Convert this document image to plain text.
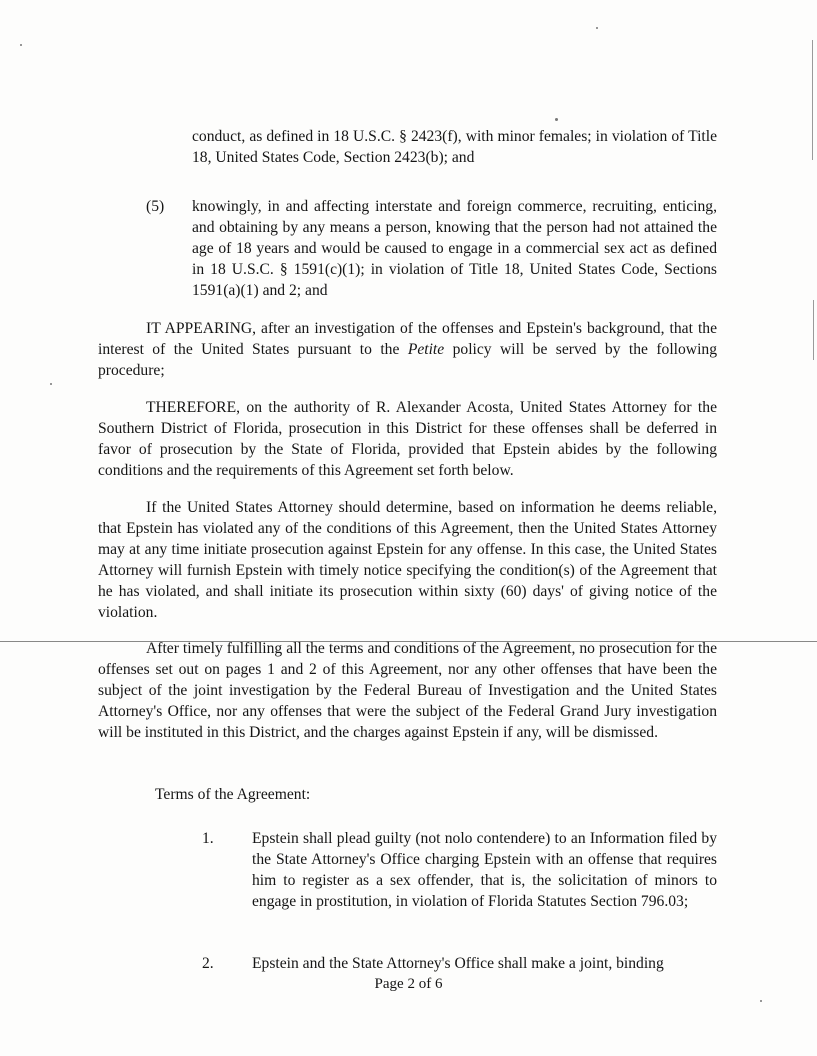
conduct, as defined in 18 U.S.C. § 2423(f), with minor females; in violation of Title 18, United States Code, Section 2423(b); and

(5) knowingly, in and affecting interstate and foreign commerce, recruiting, enticing, and obtaining by any means a person, knowing that the person had not attained the age of 18 years and would be caused to engage in a commercial sex act as defined in 18 U.S.C. § 1591(c)(1); in violation of Title 18, United States Code, Sections 1591(a)(1) and 2; and

IT APPEARING, after an investigation of the offenses and Epstein's background, that the interest of the United States pursuant to the Petite policy will be served by the following procedure;

THEREFORE, on the authority of R. Alexander Acosta, United States Attorney for the Southern District of Florida, prosecution in this District for these offenses shall be deferred in favor of prosecution by the State of Florida, provided that Epstein abides by the following conditions and the requirements of this Agreement set forth below.

If the United States Attorney should determine, based on information he deems reliable, that Epstein has violated any of the conditions of this Agreement, then the United States Attorney may at any time initiate prosecution against Epstein for any offense. In this case, the United States Attorney will furnish Epstein with timely notice specifying the condition(s) of the Agreement that he has violated, and shall initiate its prosecution within sixty (60) days' of giving notice of the violation.

After timely fulfilling all the terms and conditions of the Agreement, no prosecution for the offenses set out on pages 1 and 2 of this Agreement, nor any other offenses that have been the subject of the joint investigation by the Federal Bureau of Investigation and the United States Attorney's Office, nor any offenses that were the subject of the Federal Grand Jury investigation will be instituted in this District, and the charges against Epstein if any, will be dismissed.

Terms of the Agreement:

1. Epstein shall plead guilty (not nolo contendere) to an Information filed by the State Attorney's Office charging Epstein with an offense that requires him to register as a sex offender, that is, the solicitation of minors to engage in prostitution, in violation of Florida Statutes Section 796.03;

2. Epstein and the State Attorney's Office shall make a joint, binding

Page 2 of 6
